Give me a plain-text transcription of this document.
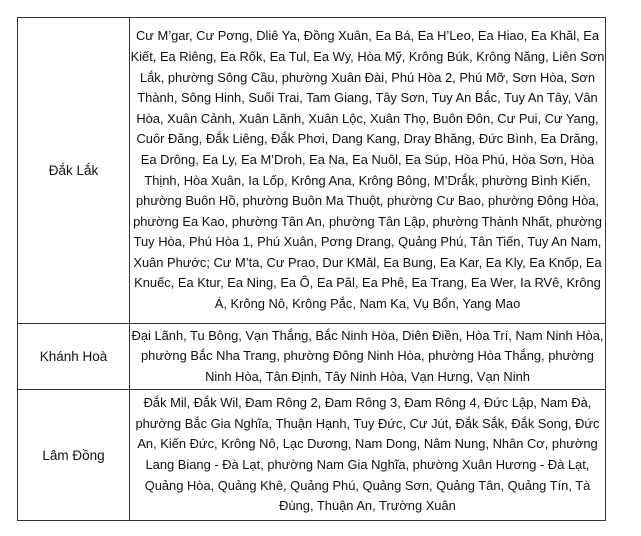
Đắk Lắk	Cư M’gar, Cư Pơng, Dliê Ya, Đồng Xuân, Ea Bá, Ea H’Leo, Ea Hiao, Ea Khăl, Ea Kiết, Ea Riêng, Ea Rốk, Ea Tul, Ea Wy, Hòa Mỹ, Krông Búk, Krông Năng, Liên Sơn Lắk, phường Sông Cầu, phường Xuân Đài, Phú Hòa 2, Phú Mỡ, Sơn Hòa, Sơn Thành, Sông Hinh, Suối Trai, Tam Giang, Tây Sơn, Tuy An Bắc, Tuy An Tây, Vân Hòa, Xuân Cảnh, Xuân Lãnh, Xuân Lộc, Xuân Thọ, Buôn Đôn, Cư Pui, Cư Yang, Cuôr Đăng, Đắk Liêng, Đắk Phơi, Dang Kang, Dray Bhăng, Đức Bình, Ea Drăng, Ea Drông, Ea Ly, Ea M’Droh, Ea Na, Ea Nuôl, Ea Súp, Hòa Phú, Hòa Sơn, Hòa Thịnh, Hòa Xuân, Ia Lốp, Krông Ana, Krông Bông, M’Drắk, phường Bình Kiến, phường Buôn Hồ, phường Buôn Ma Thuột, phường Cư Bao, phường Đông Hòa, phường Ea Kao, phường Tân An, phường Tân Lập, phường Thành Nhất, phường Tuy Hòa, Phú Hòa 1, Phú Xuân, Pơng Drang, Quảng Phú, Tân Tiến, Tuy An Nam, Xuân Phước; Cư M’ta, Cư Prao, Dur KMăl, Ea Bung, Ea Kar, Ea Kly, Ea Knốp, Ea Knuếc, Ea Ktur, Ea Ning, Ea Ô, Ea Păl, Ea Phê, Ea Trang, Ea Wer, Ia RVê, Krông Á, Krông Nô, Krông Pắc, Nam Ka, Vụ Bổn, Yang Mao
Khánh Hoà	Đại Lãnh, Tu Bông, Vạn Thắng, Bắc Ninh Hòa, Diên Điền, Hòa Trí, Nam Ninh Hòa, phường Bắc Nha Trang, phường Đông Ninh Hòa, phường Hòa Thắng, phường Ninh Hòa, Tân Định, Tây Ninh Hòa, Vạn Hưng, Vạn Ninh
Lâm Đồng	Đắk Mil, Đắk Wil, Đam Rông 2, Đam Rông 3, Đam Rông 4, Đức Lập, Nam Đà, phường Bắc Gia Nghĩa, Thuận Hạnh, Tuy Đức, Cư Jút, Đắk Sắk, Đắk Song, Đức An, Kiến Đức, Krông Nô, Lạc Dương, Nam Dong, Nâm Nung, Nhân Cơ, phường Lang Biang - Đà Lạt, phường Nam Gia Nghĩa, phường Xuân Hương - Đà Lạt, Quảng Hòa, Quảng Khê, Quảng Phú, Quảng Sơn, Quảng Tân, Quảng Tín, Tà Đùng, Thuận An, Trường Xuân
